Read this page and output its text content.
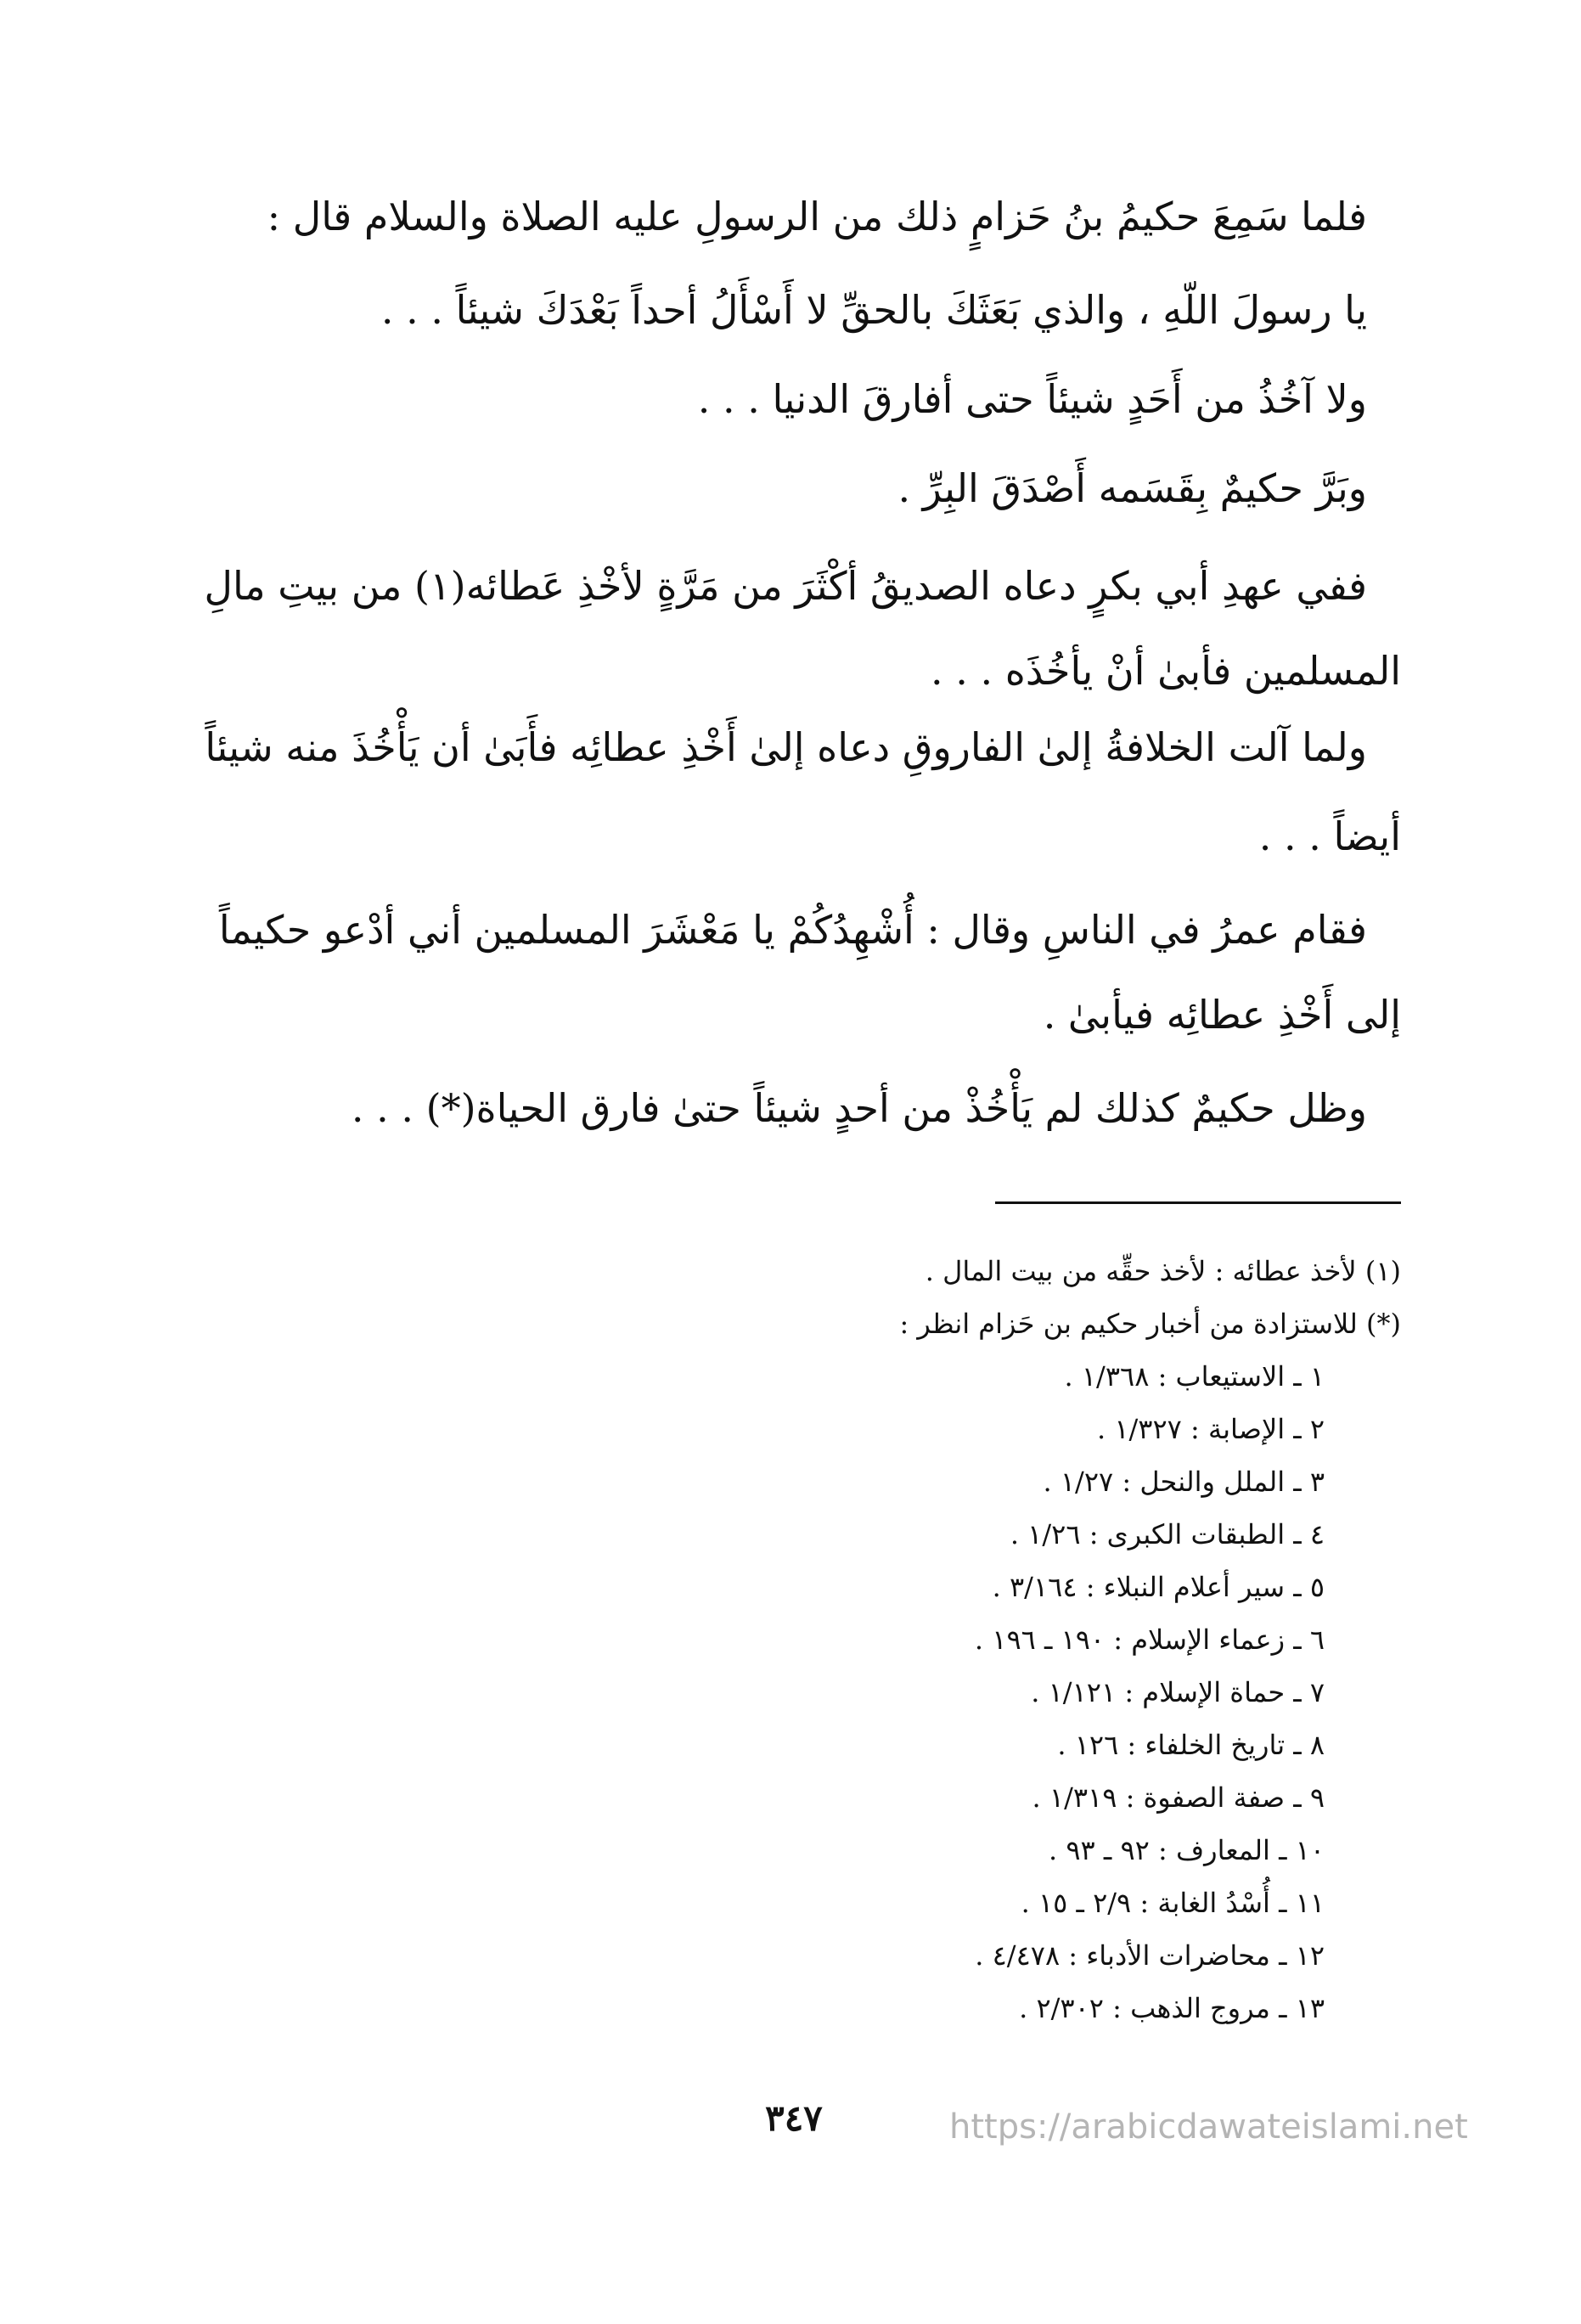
فلما سَمِعَ حكيمُ بنُ حَزامٍ ذلك من الرسولِ عليه الصلاة والسلام قال :
يا رسولَ اللّهِ ، والذي بَعَثَكَ بالحقِّ لا أَسْأَلُ أحداً بَعْدَكَ شيئاً . . .
ولا آخُذُ من أَحَدٍ شيئاً حتى أفارقَ الدنيا . . .
وبَرَّ حكيمٌ بِقَسَمه أَصْدَقَ البِرِّ .
ففي عهدِ أبي بكرٍ دعاه الصديقُ أكْثَرَ من مَرَّةٍ لأخْذِ عَطائه(١) من بيتِ مالِ
المسلمين فأبىٰ أنْ يأخُذَه . . .
ولما آلت الخلافةُ إلىٰ الفاروقِ دعاه إلىٰ أَخْذِ عطائِه فأَبَىٰ أن يَأْخُذَ منه شيئاً
أيضاً . . .
فقام عمرُ في الناسِ وقال : أُشْهِدُكُمْ يا مَعْشَرَ المسلمين أني أدْعو حكيماً
إلى أَخْذِ عطائِه فيأبىٰ .
وظل حكيمٌ كذلك لم يَأْخُذْ من أحدٍ شيئاً حتىٰ فارق الحياة(*) . . .
(١) لأخذ عطائه : لأخذ حقِّه من بيت المال .
(*) للاستزادة من أخبار حكيم بن حَزام انظر :
١ ـ الاستيعاب : ١/٣٦٨ .
٢ ـ الإصابة : ١/٣٢٧ .
٣ ـ الملل والنحل : ١/٢٧ .
٤ ـ الطبقات الكبرى : ١/٢٦ .
٥ ـ سير أعلام النبلاء : ٣/١٦٤ .
٦ ـ زعماء الإسلام : ١٩٠ ـ ١٩٦ .
٧ ـ حماة الإسلام : ١/١٢١ .
٨ ـ تاريخ الخلفاء : ١٢٦ .
٩ ـ صفة الصفوة : ١/٣١٩ .
١٠ ـ المعارف : ٩٢ ـ ٩٣ .
١١ ـ أُسْدُ الغابة : ٢/٩ ـ ١٥ .
١٢ ـ محاضرات الأدباء : ٤/٤٧٨ .
١٣ ـ مروج الذهب : ٢/٣٠٢ .
٣٤٧	https://arabicdawateislami.net
